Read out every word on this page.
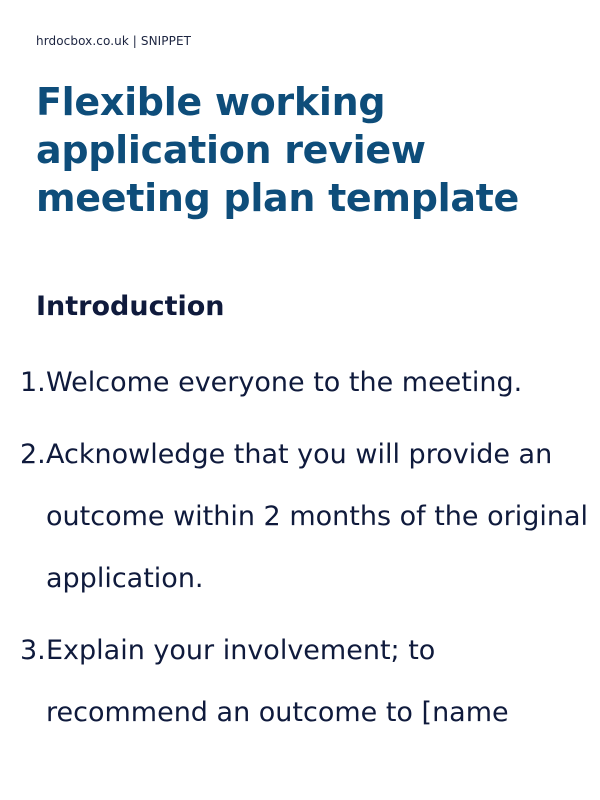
hrdocbox.co.uk | SNIPPET
Flexible working application review meeting plan template
Introduction
1. Welcome everyone to the meeting.
2. Acknowledge that you will provide an outcome within 2 months of the original application.
3. Explain your involvement; to recommend an outcome to [name
